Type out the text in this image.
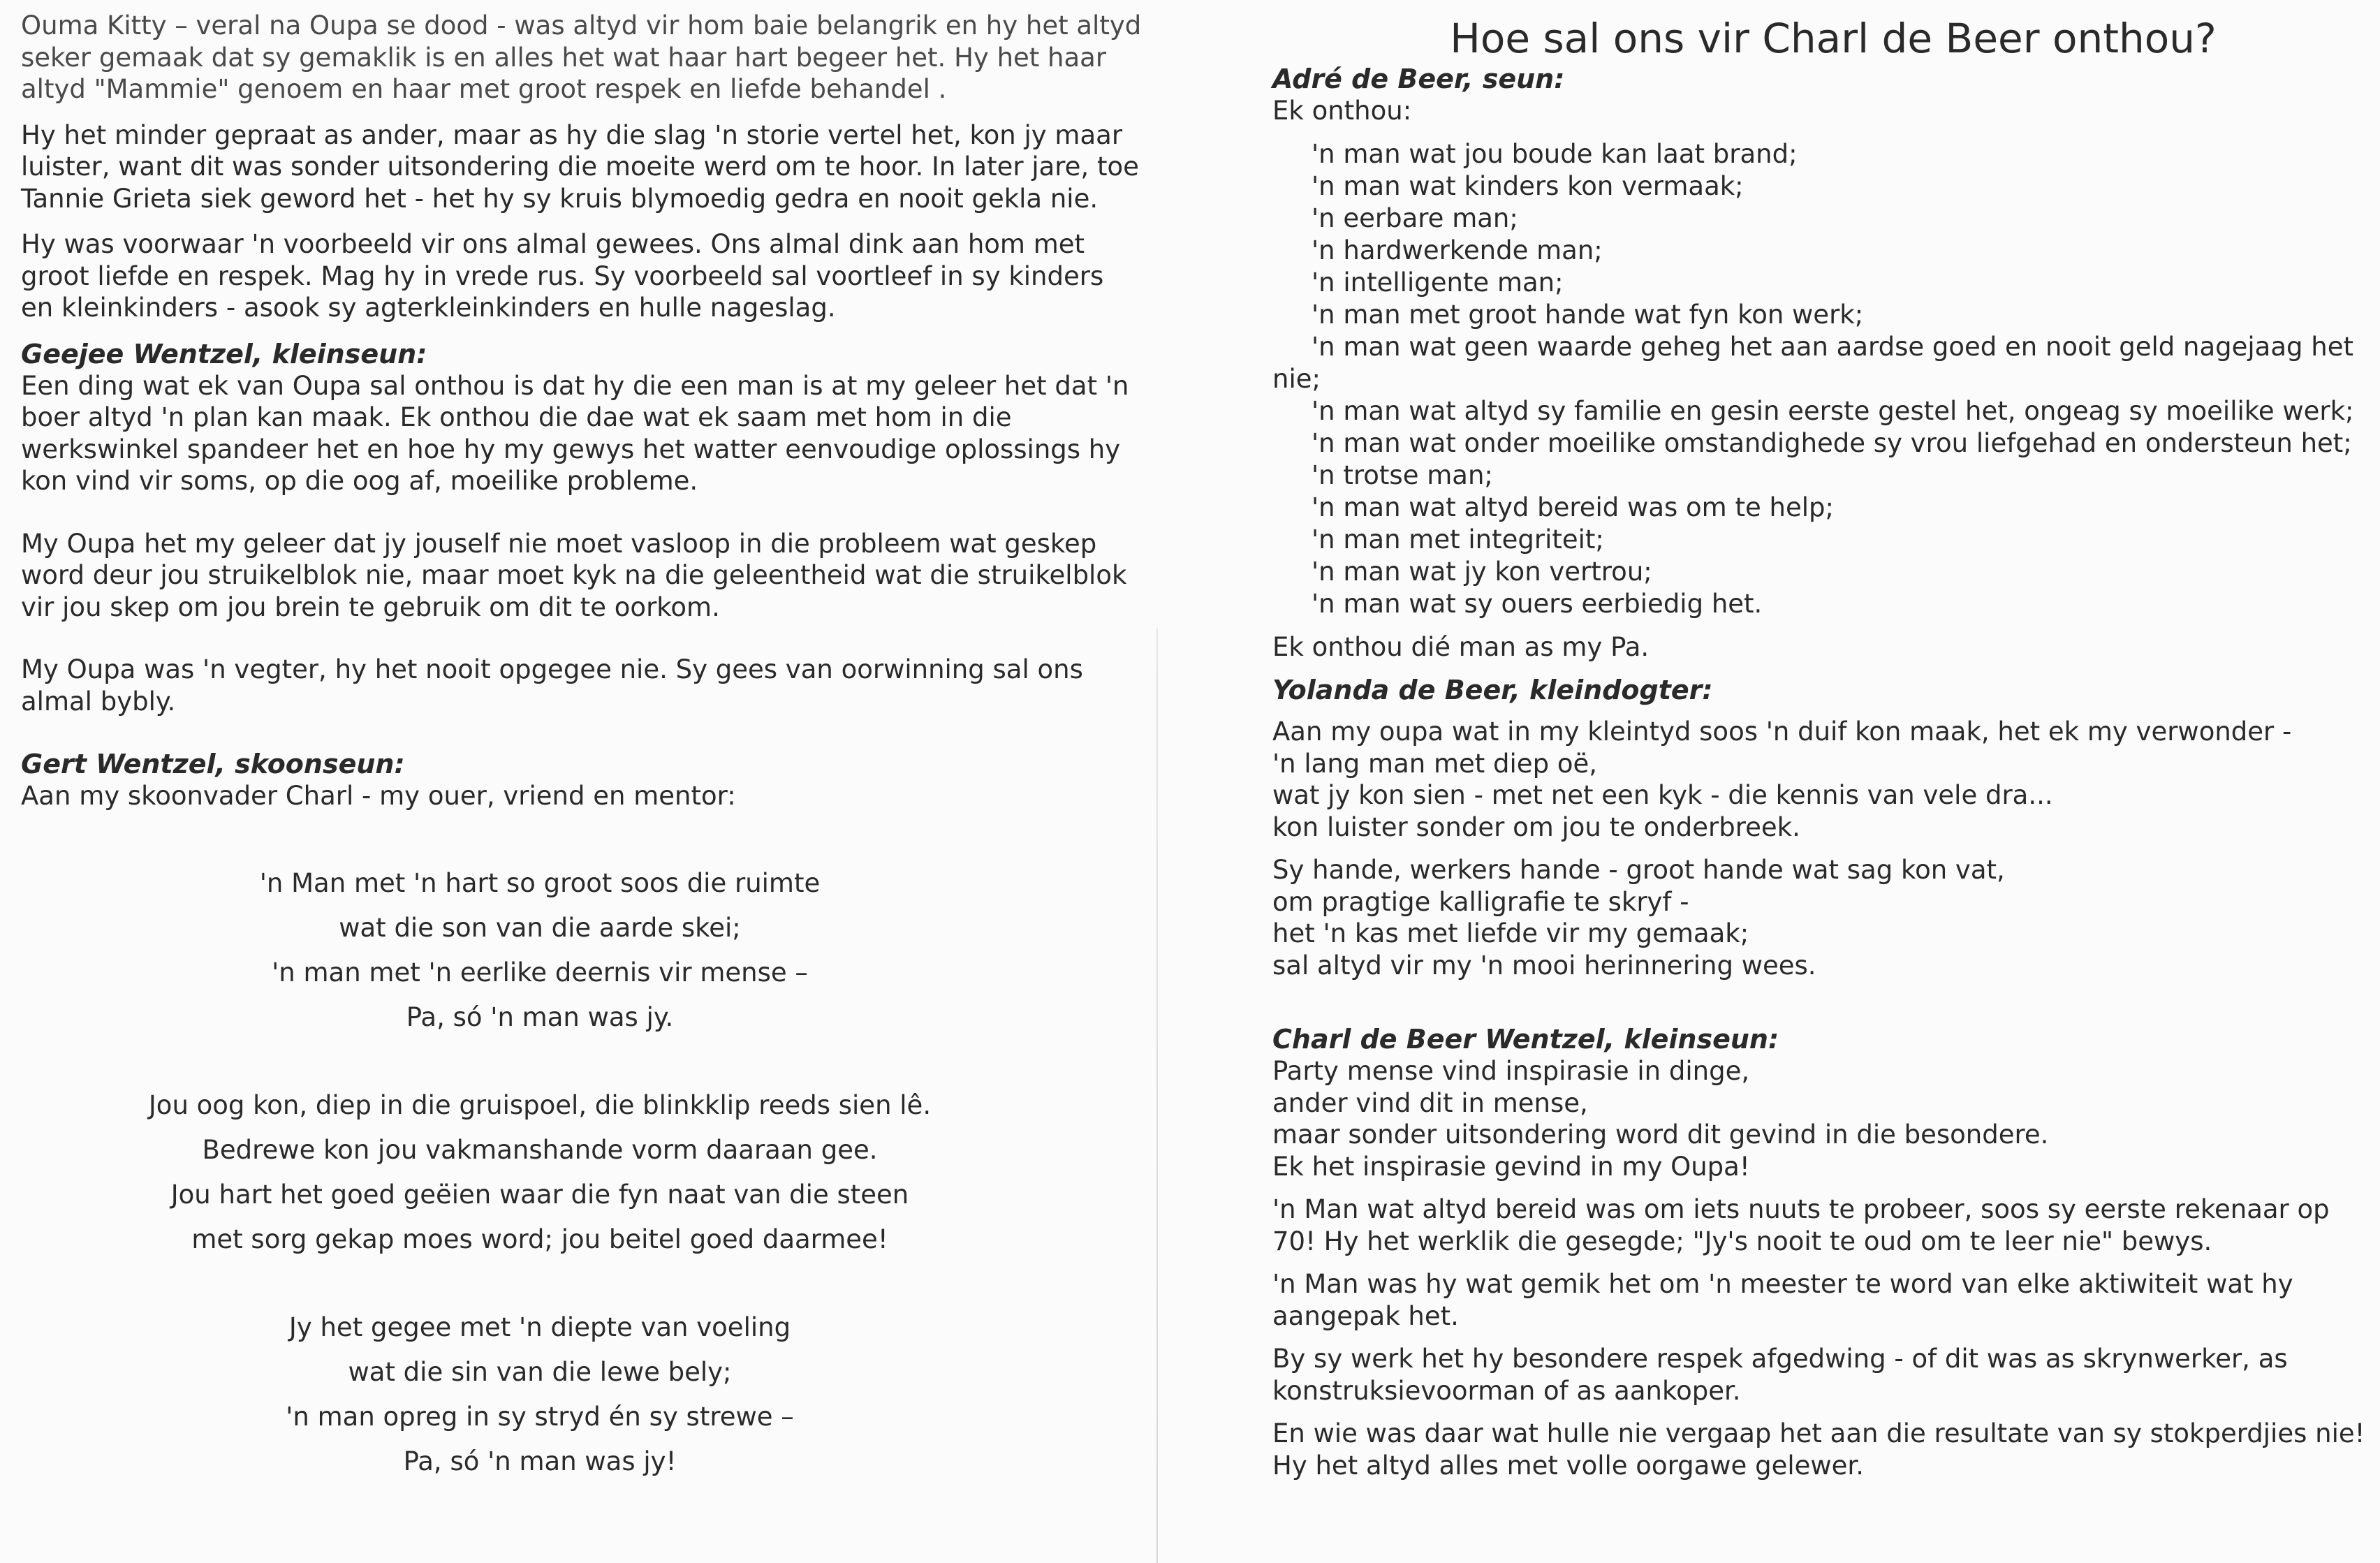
Ouma Kitty – veral na Oupa se dood - was altyd vir hom baie belangrik en hy het altyd seker gemaak dat sy gemaklik is en alles het wat haar hart begeer het. Hy het haar altyd "Mammie" genoem en haar met groot respek en liefde behandel .

Hy het minder gepraat as ander, maar as hy die slag 'n storie vertel het, kon jy maar luister, want dit was sonder uitsondering die moeite werd om te hoor. In later jare, toe Tannie Grieta siek geword het - het hy sy kruis blymoedig gedra en nooit gekla nie.

Hy was voorwaar 'n voorbeeld vir ons almal gewees. Ons almal dink aan hom met groot liefde en respek. Mag hy in vrede rus. Sy voorbeeld sal voortleef in sy kinders en kleinkinders - asook sy agterkleinkinders en hulle nageslag.

Geejee Wentzel, kleinseun:

Een ding wat ek van Oupa sal onthou is dat hy die een man is at my geleer het dat 'n boer altyd 'n plan kan maak. Ek onthou die dae wat ek saam met hom in die werkswinkel spandeer het en hoe hy my gewys het watter eenvoudige oplossings hy kon vind vir soms, op die oog af, moeilike probleme.

My Oupa het my geleer dat jy jouself nie moet vasloop in die probleem wat geskep word deur jou struikelblok nie, maar moet kyk na die geleentheid wat die struikelblok vir jou skep om jou brein te gebruik om dit te oorkom.

My Oupa was 'n vegter, hy het nooit opgegee nie. Sy gees van oorwinning sal ons almal bybly.

Gert Wentzel, skoonseun:

Aan my skoonvader Charl - my ouer, vriend en mentor:

'n Man met 'n hart so groot soos die ruimte

wat die son van die aarde skei;

'n man met 'n eerlike deernis vir mense –

Pa, só 'n man was jy.

Jou oog kon, diep in die gruispoel, die blinkklip reeds sien lê.

Bedrewe kon jou vakmanshande vorm daaraan gee.

Jou hart het goed geëien waar die fyn naat van die steen

met sorg gekap moes word; jou beitel goed daarmee!

Jy het gegee met 'n diepte van voeling

wat die sin van die lewe bely;

'n man opreg in sy stryd én sy strewe –

Pa, só 'n man was jy!

Hoe sal ons vir Charl de Beer onthou?

Adré de Beer, seun:

Ek onthou:

'n man wat jou boude kan laat brand;

'n man wat kinders kon vermaak;

'n eerbare man;

'n hardwerkende man;

'n intelligente man;

'n man met groot hande wat fyn kon werk;

'n man wat geen waarde geheg het aan aardse goed en nooit geld nagejaag het nie;

'n man wat altyd sy familie en gesin eerste gestel het, ongeag sy moeilike werk;

'n man wat onder moeilike omstandighede sy vrou liefgehad en ondersteun het;

'n trotse man;

'n man wat altyd bereid was om te help;

'n man met integriteit;

'n man wat jy kon vertrou;

'n man wat sy ouers eerbiedig het.

Ek onthou dié man as my Pa.

Yolanda de Beer, kleindogter:

Aan my oupa wat in my kleintyd soos 'n duif kon maak, het ek my verwonder -

'n lang man met diep oë,

wat jy kon sien - met net een kyk - die kennis van vele dra...

kon luister sonder om jou te onderbreek.

Sy hande, werkers hande - groot hande wat sag kon vat,

om pragtige kalligrafie te skryf -

het 'n kas met liefde vir my gemaak;

sal altyd vir my 'n mooi herinnering wees.

Charl de Beer Wentzel, kleinseun:

Party mense vind inspirasie in dinge,

ander vind dit in mense,

maar sonder uitsondering word dit gevind in die besondere.

Ek het inspirasie gevind in my Oupa!

'n Man wat altyd bereid was om iets nuuts te probeer, soos sy eerste rekenaar op 70! Hy het werklik die gesegde; "Jy's nooit te oud om te leer nie" bewys.

'n Man was hy wat gemik het om 'n meester te word van elke aktiwiteit wat hy aangepak het.

By sy werk het hy besondere respek afgedwing - of dit was as skrynwerker, as konstruksievoorman of as aankoper.

En wie was daar wat hulle nie vergaap het aan die resultate van sy stokperdjies nie! Hy het altyd alles met volle oorgawe gelewer.
